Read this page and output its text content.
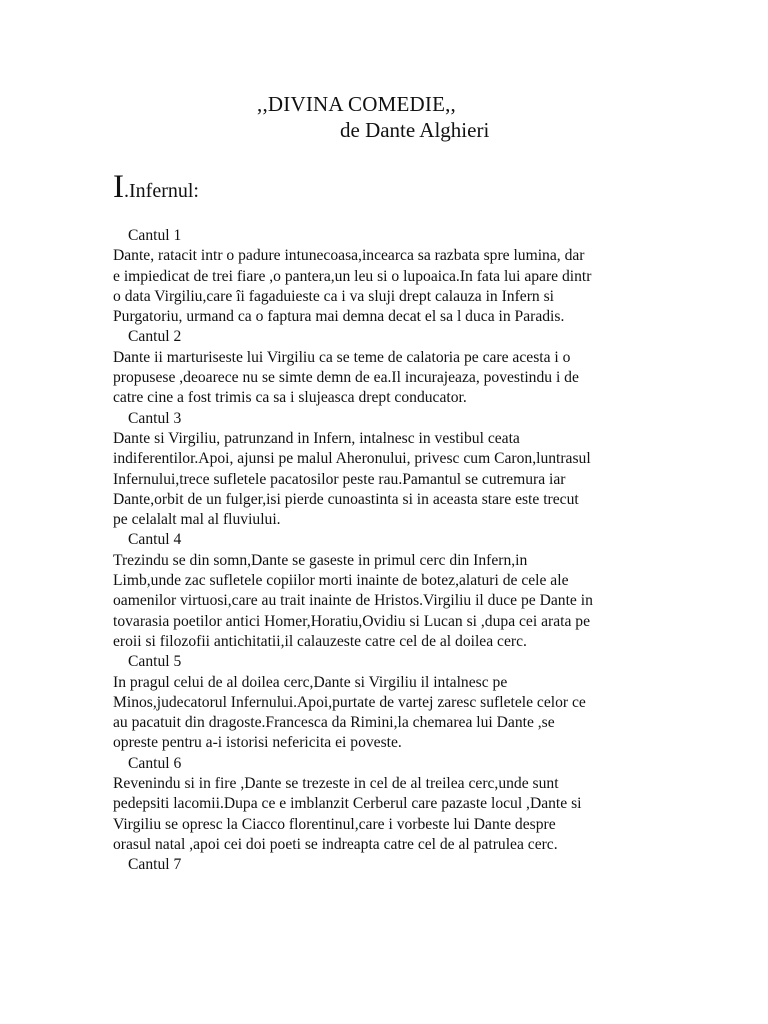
,,DIVINA COMEDIE,,
de Dante Alghieri
I.Infernul:
Cantul 1
Dante, ratacit intr o padure intunecoasa,incearca sa razbata spre lumina, dar
e impiedicat de trei fiare ,o pantera,un leu si o lupoaica.In fata lui apare dintr
o data Virgiliu,care îi fagaduieste ca i va sluji drept calauza in Infern si
Purgatoriu, urmand ca o faptura mai demna decat el sa l duca in Paradis.
Cantul 2
Dante ii marturiseste lui Virgiliu ca se teme de calatoria pe care acesta i o
propusese ,deoarece nu se simte demn de ea.Il incurajeaza, povestindu i de
catre cine a fost trimis ca sa i slujeasca drept conducator.
Cantul 3
Dante si Virgiliu, patrunzand in Infern, intalnesc in vestibul ceata
indiferentilor.Apoi, ajunsi pe malul Aheronului, privesc cum Caron,luntrasul
Infernului,trece sufletele pacatosilor peste rau.Pamantul se cutremura iar
Dante,orbit de un fulger,isi pierde cunoastinta si in aceasta stare este trecut
pe celalalt mal al fluviului.
Cantul 4
Trezindu se din somn,Dante se gaseste in primul cerc din Infern,in
Limb,unde zac sufletele copiilor morti inainte de botez,alaturi de cele ale
oamenilor virtuosi,care au trait inainte de Hristos.Virgiliu il duce pe Dante in
tovarasia poetilor antici Homer,Horatiu,Ovidiu si Lucan si ,dupa cei arata pe
eroii si filozofii antichitatii,il calauzeste catre cel de al doilea cerc.
Cantul 5
In pragul celui de al doilea cerc,Dante si Virgiliu il intalnesc pe
Minos,judecatorul Infernului.Apoi,purtate de vartej zaresc sufletele celor ce
au pacatuit din dragoste.Francesca da Rimini,la chemarea lui Dante ,se
opreste pentru a-i istorisi nefericita ei poveste.
Cantul 6
Revenindu si in fire ,Dante se trezeste in cel de al treilea cerc,unde sunt
pedepsiti lacomii.Dupa ce e imblanzit Cerberul care pazaste locul ,Dante si
Virgiliu se opresc la Ciacco florentinul,care i vorbeste lui Dante despre
orasul natal ,apoi cei doi poeti se indreapta catre cel de al patrulea cerc.
Cantul 7
